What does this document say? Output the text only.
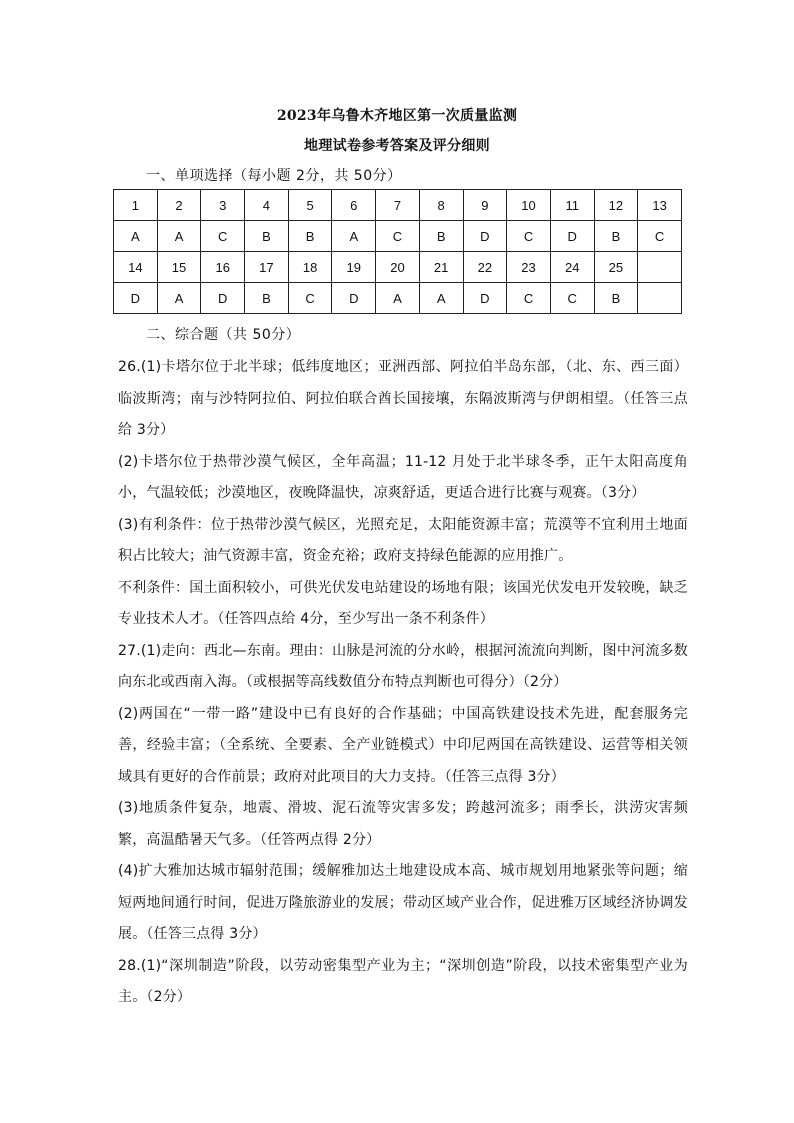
2023年乌鲁木齐地区第一次质量监测
地理试卷参考答案及评分细则
一、单项选择（每小题 2分，共 50分）
1	2	3	4	5	6	7	8	9	10	11	12	13
A	A	C	B	B	A	C	B	D	C	D	B	C
14	15	16	17	18	19	20	21	22	23	24	25	
D	A	D	B	C	D	A	A	D	C	C	B	
二、综合题（共 50分）

26.(1)卡塔尔位于北半球；低纬度地区；亚洲西部、阿拉伯半岛东部，（北、东、西三面）临波斯湾；南与沙特阿拉伯、阿拉伯联合酋长国接壤，东隔波斯湾与伊朗相望。（任答三点给 3分）

(2)卡塔尔位于热带沙漠气候区，全年高温；11-12 月处于北半球冬季，正午太阳高度角小，气温较低；沙漠地区，夜晚降温快，凉爽舒适，更适合进行比赛与观赛。（3分）

(3)有利条件：位于热带沙漠气候区，光照充足，太阳能资源丰富；荒漠等不宜利用土地面积占比较大；油气资源丰富，资金充裕；政府支持绿色能源的应用推广。

不利条件：国土面积较小，可供光伏发电站建设的场地有限；该国光伏发电开发较晚，缺乏专业技术人才。（任答四点给 4分，至少写出一条不利条件）

27.(1)走向：西北—东南。理由：山脉是河流的分水岭，根据河流流向判断，图中河流多数向东北或西南入海。（或根据等高线数值分布特点判断也可得分）（2分）

(2)两国在“一带一路”建设中已有良好的合作基础；中国高铁建设技术先进，配套服务完善，经验丰富；（全系统、全要素、全产业链模式）中印尼两国在高铁建设、运营等相关领域具有更好的合作前景；政府对此项目的大力支持。（任答三点得 3分）

(3)地质条件复杂，地震、滑坡、泥石流等灾害多发；跨越河流多；雨季长，洪涝灾害频繁，高温酷暑天气多。（任答两点得 2分）

(4)扩大雅加达城市辐射范围；缓解雅加达土地建设成本高、城市规划用地紧张等问题；缩短两地间通行时间，促进万隆旅游业的发展；带动区域产业合作，促进雅万区域经济协调发展。（任答三点得 3分）

28.(1)“深圳制造”阶段，以劳动密集型产业为主；“深圳创造”阶段，以技术密集型产业为主。（2分）
